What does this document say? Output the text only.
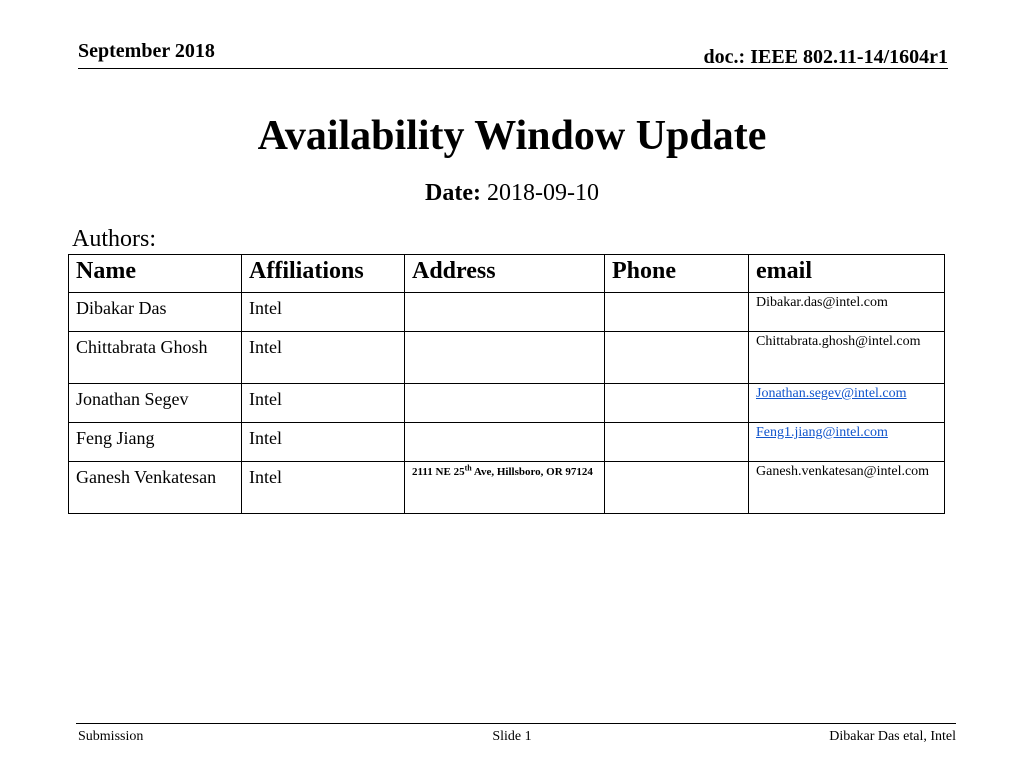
September 2018	doc.: IEEE 802.11-14/1604r1
Availability Window Update
Date: 2018-09-10
Authors:
Name	Affiliations	Address	Phone	email
Dibakar Das	Intel			Dibakar.das@intel.com
Chittabrata Ghosh	Intel			Chittabrata.ghosh@intel.com
Jonathan Segev	Intel			Jonathan.segev@intel.com
Feng Jiang	Intel			Feng1.jiang@intel.com
Ganesh Venkatesan	Intel	2111 NE 25th Ave, Hillsboro, OR 97124		Ganesh.venkatesan@intel.com
Submission	Slide 1	Dibakar Das etal, Intel
